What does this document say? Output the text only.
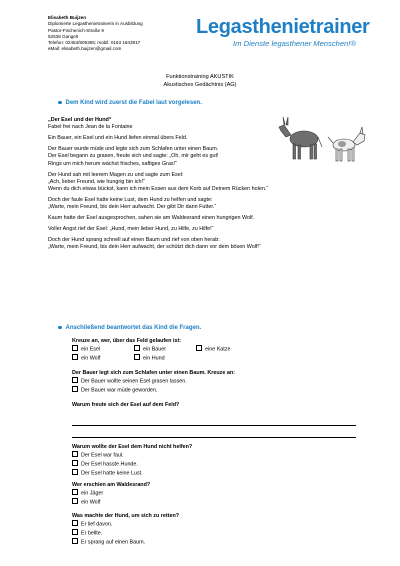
Elisabeth Buijzen
Diplomierte Legasthenietrainerin in Ausbildung
Pastor-Fischenich-Straße 9
52538 Gangelt
Telefon: 02454/909365; mobil: 0163 1843917
eMail: elisabeth.buijzen@gmail.com
Legasthenietrainer
Im Dienste legasthener Menschen!®
Funktionstraining AKUSTIK
Akustisches Gedächtnis (AG)
Dem Kind wird zuerst die Fabel laut vorgelesen.
„Der Esel und der Hund“

Fabel frei nach Jean de la Fontaine

Ein Bauer, ein Esel und ein Hund liefen einmal übers Feld.

Der Bauer wurde müde und legte sich zum Schlafen unter einen Baum.
Der Esel begann zu grasen, freute sich und sagte: „Oh, mir geht es gut!
Rings um mich herum wächst frisches, saftiges Gras!“

Der Hund sah mit leerem Magen zu und sagte zum Esel:
„Ach, lieber Freund, wie hungrig bin ich!“
Wenn du dich etwas bückst, kann ich mein Essen aus dem Korb auf Deinem Rücken holen.“

Doch der faule Esel hatte keine Lust, dem Hund zu helfen und sagte:
„Warte, mein Freund, bis dein Herr aufwacht. Der gibt Dir dann Futter.“

Kaum hatte der Esel ausgesprochen, sahen sie am Waldesrand einen hungrigen Wolf.

Voller Angst rief der Esel: „Hund, mein lieber Hund, zu Hilfe, zu Hilfe!“

Doch der Hund sprang schnell auf einen Baum und rief von oben herab:
„Warte, mein Freund, bis dein Herr aufwacht, der schützt dich dann vor dem bösen Wolf!“

Anschließend beantwortet das Kind die Fragen.
Kreuze an, wer, über das Feld gelaufen ist:
ein Esel	ein Bauer	eine Katze
ein Wolf	ein Hund
Der Bauer legt sich zum Schlafen unter einen Baum. Kreuze an:
Der Bauer wollte seinen Esel grasen lassen.
Der Bauer war müde geworden.
Warum freute sich der Esel auf dem Feld?
Warum wollte der Esel dem Hund nicht helfen?
Der Esel war faul.
Der Esel hasste Hunde.
Der Esel hatte keine Lust.
Wer erschien am Waldesrand?
ein Jäger
ein Wolf
Was machte der Hund, um sich zu retten?
Er lief davon.
Er bellte.
Er sprang auf einen Baum.
